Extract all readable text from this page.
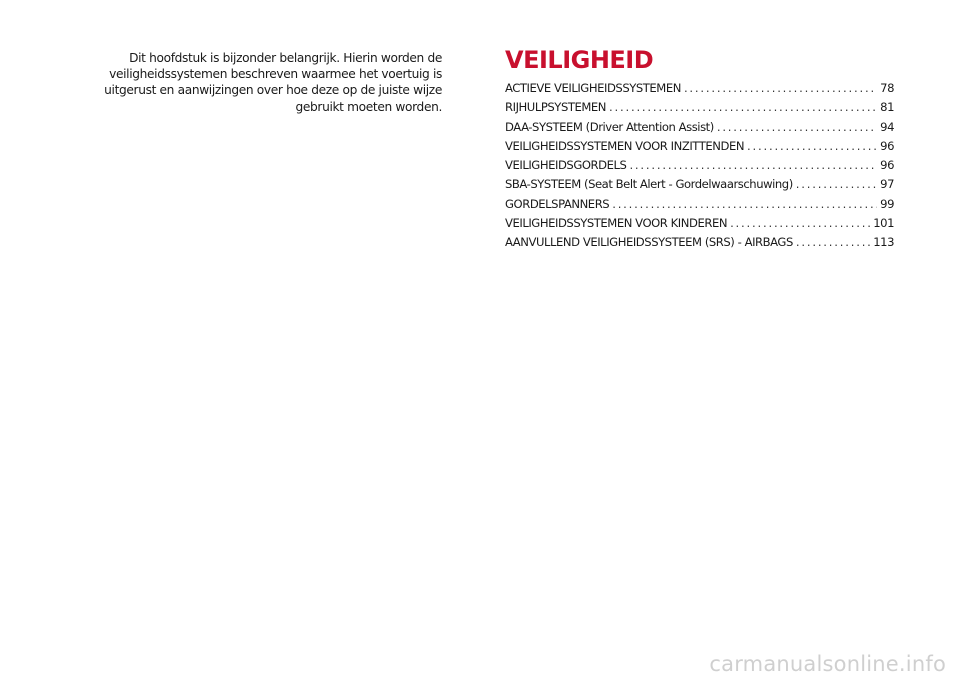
Dit hoofdstuk is bijzonder belangrijk. Hierin worden de
veiligheidssystemen beschreven waarmee het voertuig is
uitgerust en aanwijzingen over hoe deze op de juiste wijze
gebruikt moeten worden.
VEILIGHEID
ACTIEVE VEILIGHEIDSSYSTEMEN .....	78
RIJHULPSYSTEMEN .....	81
DAA-SYSTEEM (Driver Attention Assist) .....	94
VEILIGHEIDSSYSTEMEN VOOR INZITTENDEN .....	96
VEILIGHEIDSGORDELS .....	96
SBA-SYSTEEM (Seat Belt Alert - Gordelwaarschuwing) .....	97
GORDELSPANNERS .....	99
VEILIGHEIDSSYSTEMEN VOOR KINDEREN .....	101
AANVULLEND VEILIGHEIDSSYSTEEM (SRS) - AIRBAGS .....	113

carmanualsonline.info
